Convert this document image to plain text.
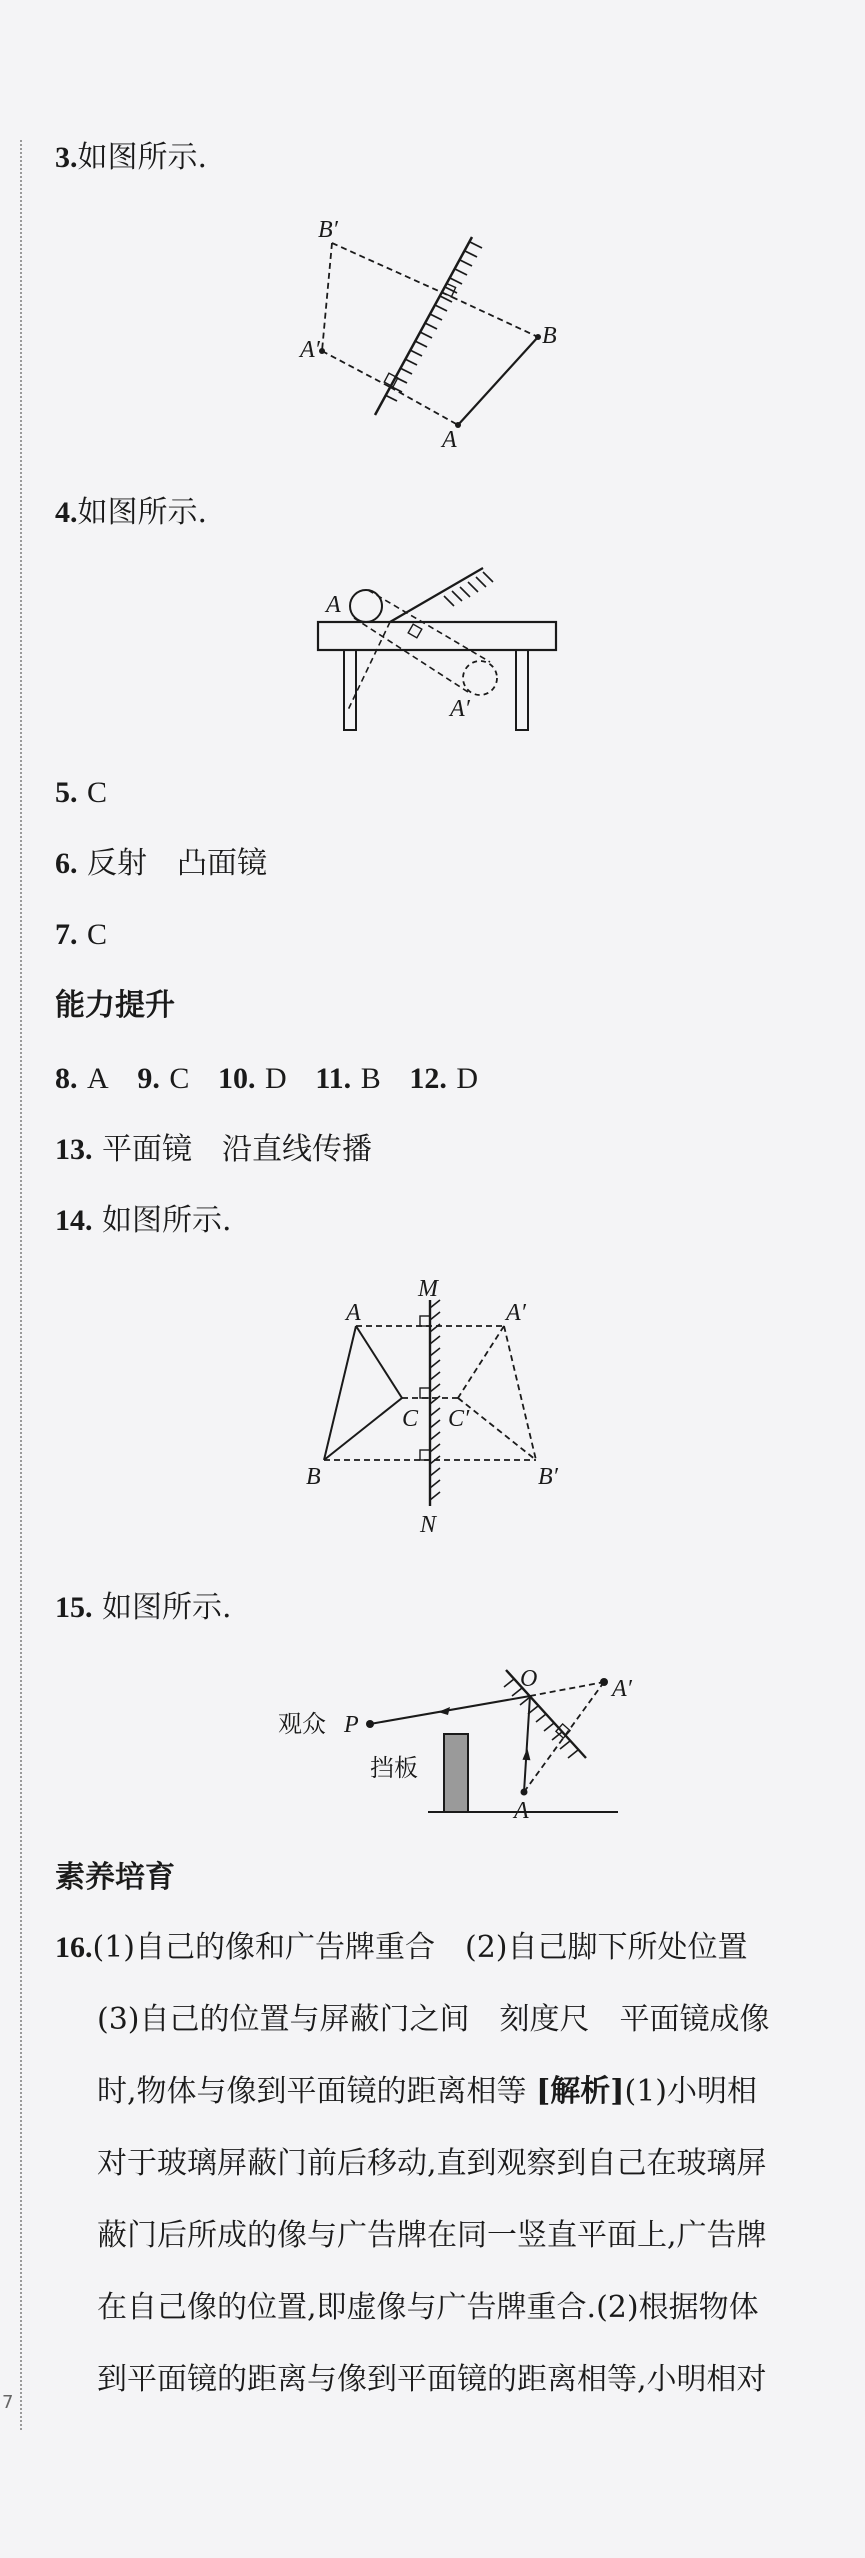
7
3.如图所示.
B′
A′
B
A
4.如图所示.
A
A′
5. C
6. 反射　凸面镜
7. C
能力提升
8. A 9. C 10. D 11. B 12. D
13. 平面镜　沿直线传播
14. 如图所示.
M
N
A	A′
B	B′
C C′
15. 如图所示.
观众 P
O	A′
A
挡板
素养培育
16.(1)自己的像和广告牌重合　(2)自己脚下所处位置
(3)自己的位置与屏蔽门之间　刻度尺　平面镜成像
时,物体与像到平面镜的距离相等 [解析](1)小明相
对于玻璃屏蔽门前后移动,直到观察到自己在玻璃屏
蔽门后所成的像与广告牌在同一竖直平面上,广告牌
在自己像的位置,即虚像与广告牌重合.(2)根据物体
到平面镜的距离与像到平面镜的距离相等,小明相对
